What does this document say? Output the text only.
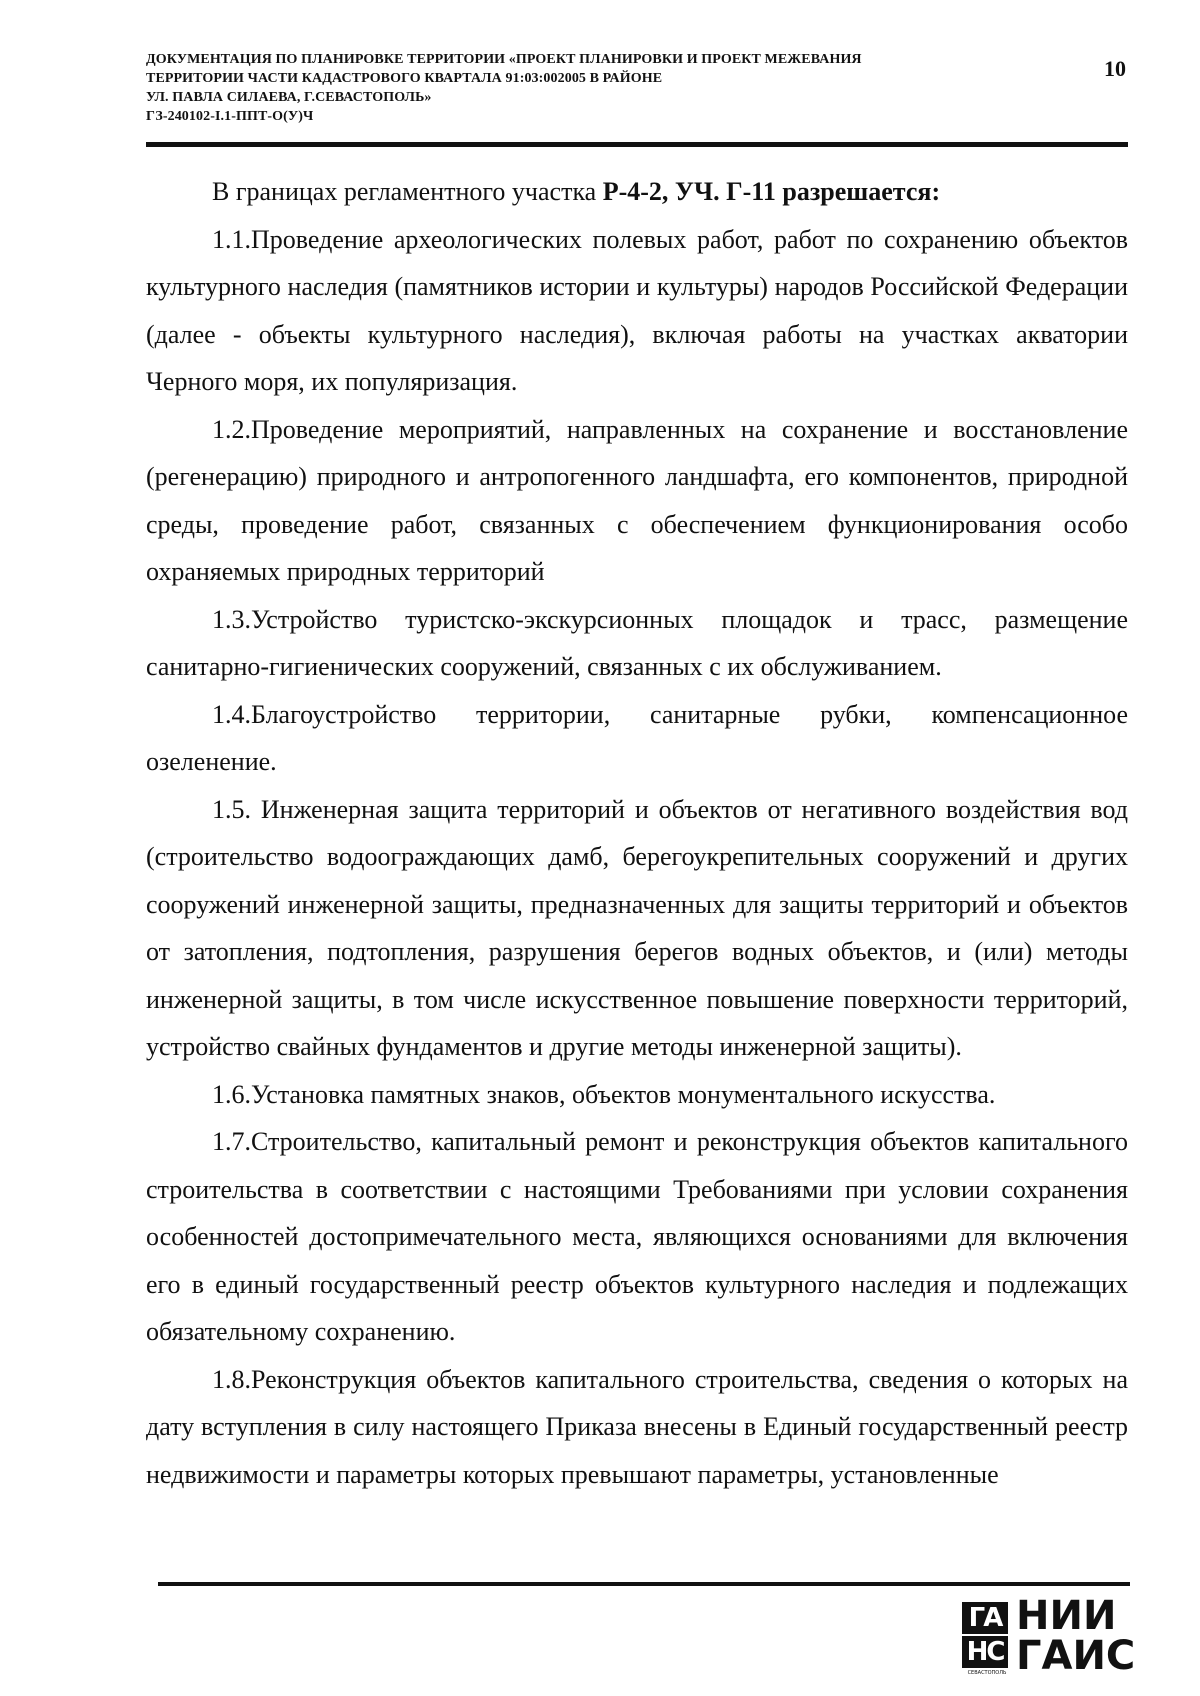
ДОКУМЕНТАЦИЯ ПО ПЛАНИРОВКЕ ТЕРРИТОРИИ «ПРОЕКТ ПЛАНИРОВКИ И ПРОЕКТ МЕЖЕВАНИЯ
ТЕРРИТОРИИ ЧАСТИ КАДАСТРОВОГО КВАРТАЛА 91:03:002005 В РАЙОНЕ
УЛ. ПАВЛА СИЛАЕВА, Г.СЕВАСТОПОЛЬ»
ГЗ-240102-I.1-ППТ-О(У)Ч
10

В границах регламентного участка Р-4-2, УЧ. Г-11 разрешается:

1.1.Проведение археологических полевых работ, работ по сохранению объектов культурного наследия (памятников истории и культуры) народов Российской Федерации (далее - объекты культурного наследия), включая работы на участках акватории Черного моря, их популяризация.

1.2.Проведение мероприятий, направленных на сохранение и восстановление (регенерацию) природного и антропогенного ландшафта, его компонентов, природной среды, проведение работ, связанных с обеспечением функционирования особо охраняемых природных территорий

1.3.Устройство туристско-экскурсионных площадок и трасс, размещение санитарно-гигиенических сооружений, связанных с их обслуживанием.

1.4.Благоустройство территории, санитарные рубки, компенсационное озеленение.

1.5. Инженерная защита территорий и объектов от негативного воздействия вод (строительство водоограждающих дамб, берегоукрепительных сооружений и других сооружений инженерной защиты, предназначенных для защиты территорий и объектов от затопления, подтопления, разрушения берегов водных объектов, и (или) методы инженерной защиты, в том числе искусственное повышение поверхности территорий, устройство свайных фундаментов и другие методы инженерной защиты).

1.6.Установка памятных знаков, объектов монументального искусства.

1.7.Строительство, капитальный ремонт и реконструкция объектов капитального строительства в соответствии с настоящими Требованиями при условии сохранения особенностей достопримечательного места, являющихся основаниями для включения его в единый государственный реестр объектов культурного наследия и подлежащих обязательному сохранению.

1.8.Реконструкция объектов капитального строительства, сведения о которых на дату вступления в силу настоящего Приказа внесены в Единый государственный реестр недвижимости и параметры которых превышают параметры, установленные

ГА
НС
СЕВАСТОПОЛЬ
НИИ
ГАИС
